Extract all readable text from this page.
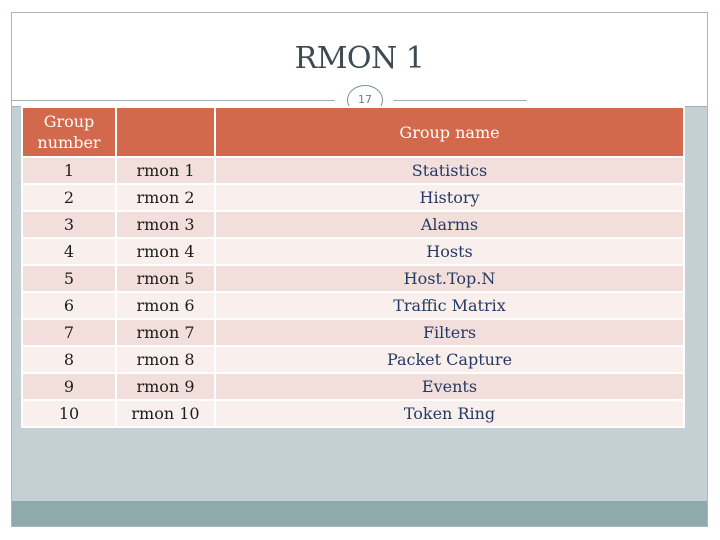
RMON 1
17
Group number		Group name
1	rmon 1	Statistics
2	rmon 2	History
3	rmon 3	Alarms
4	rmon 4	Hosts
5	rmon 5	Host.Top.N
6	rmon 6	Traffic Matrix
7	rmon 7	Filters
8	rmon 8	Packet Capture
9	rmon 9	Events
10	rmon 10	Token Ring
